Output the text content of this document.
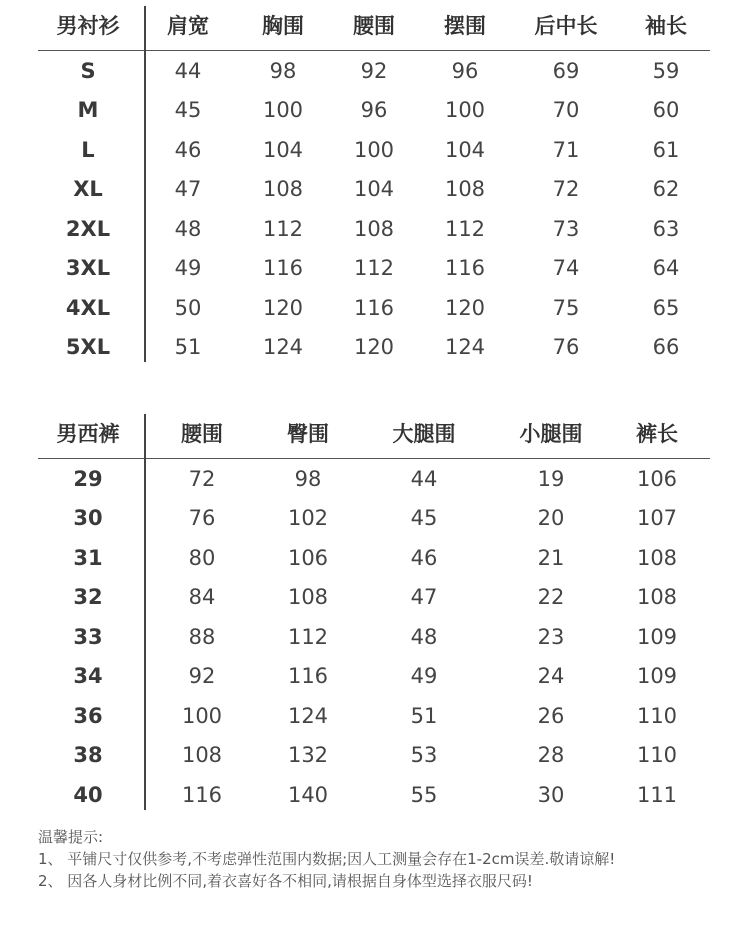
男衬衫	肩宽	胸围	腰围	摆围	后中长	袖长
S	44	98	92	96	69	59
M	45	100	96	100	70	60
L	46	104	100	104	71	61
XL	47	108	104	108	72	62
2XL	48	112	108	112	73	63
3XL	49	116	112	116	74	64
4XL	50	120	116	120	75	65
5XL	51	124	120	124	76	66
男西裤	腰围	臀围	大腿围	小腿围	裤长
29	72	98	44	19	106
30	76	102	45	20	107
31	80	106	46	21	108
32	84	108	47	22	108
33	88	112	48	23	109
34	92	116	49	24	109
36	100	124	51	26	110
38	108	132	53	28	110
40	116	140	55	30	111
温馨提示:
1、 平铺尺寸仅供参考,不考虑弹性范围内数据;因人工测量会存在1-2cm误差.敬请谅解!
2、 因各人身材比例不同,着衣喜好各不相同,请根据自身体型选择衣服尺码!
